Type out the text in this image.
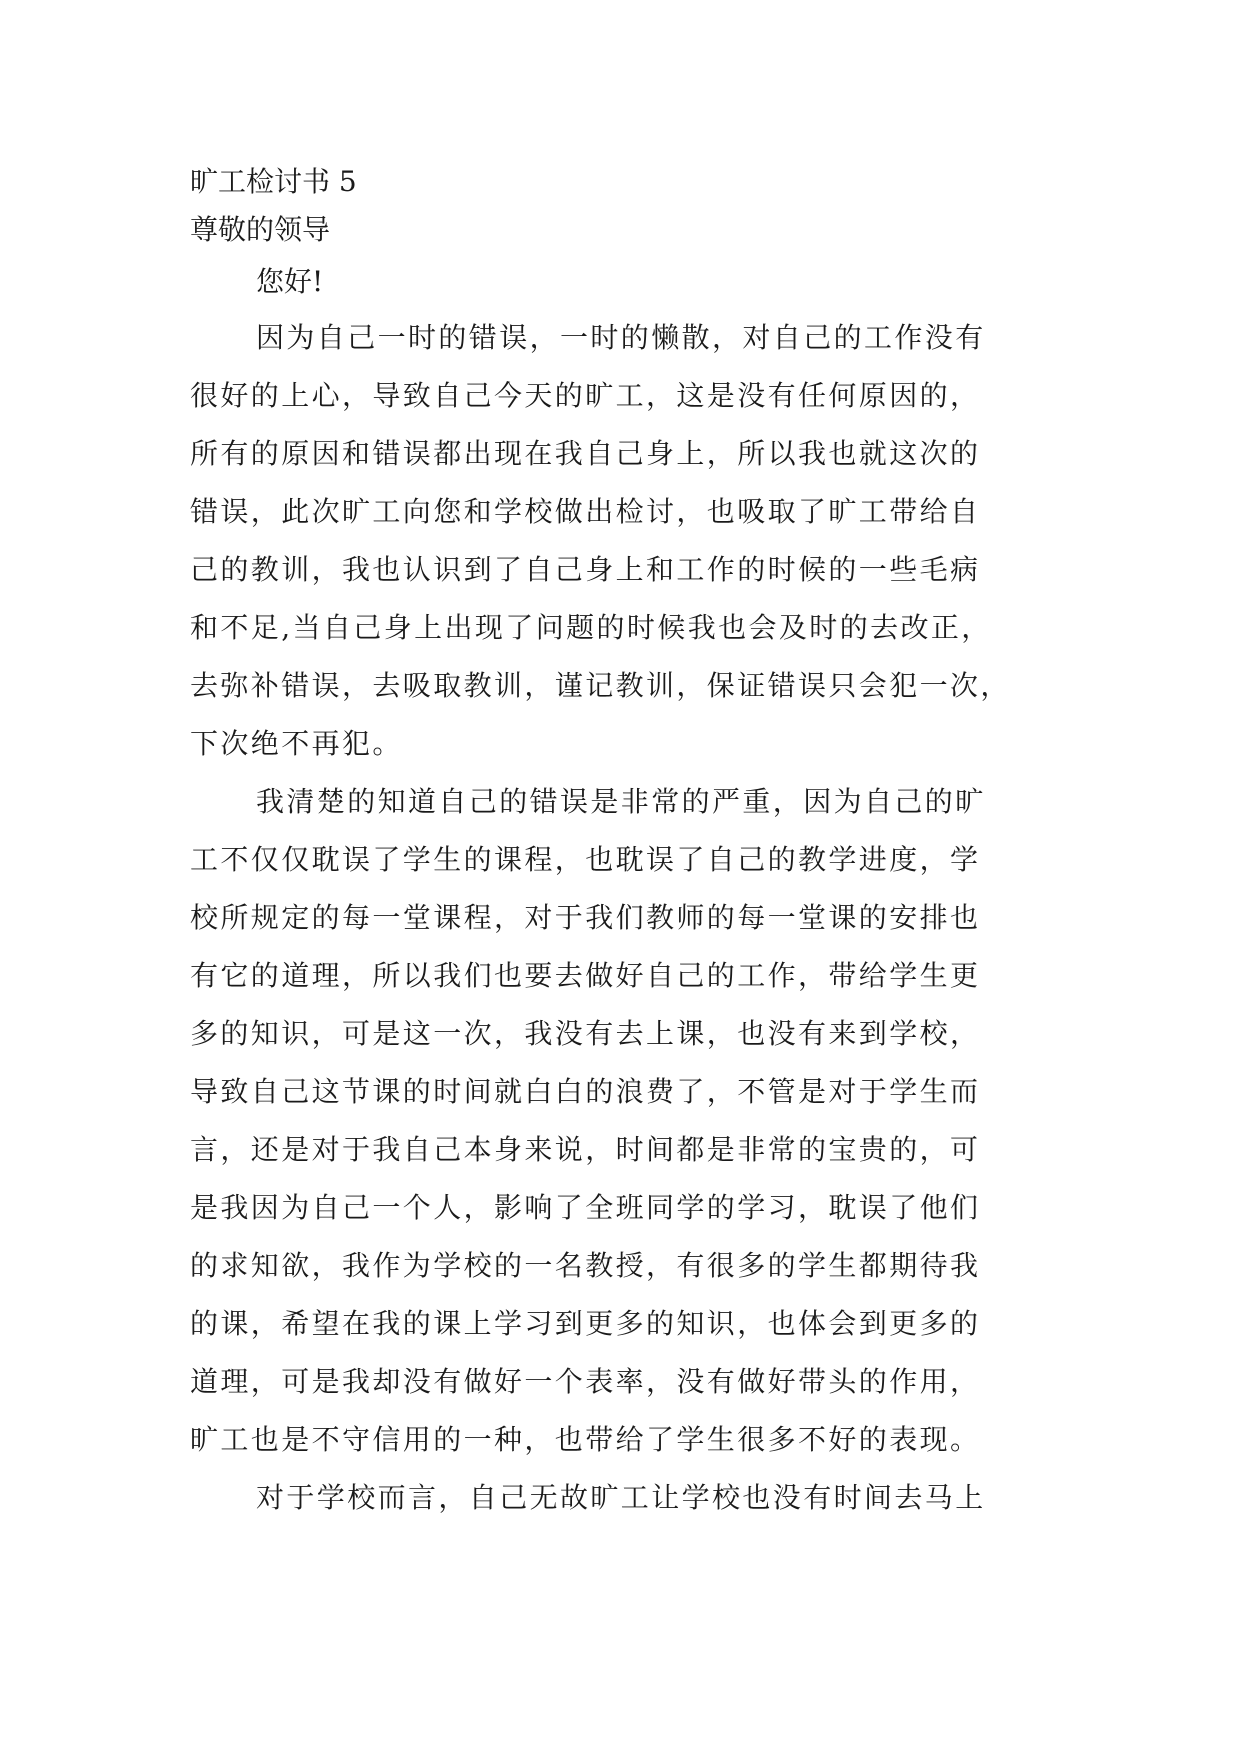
旷工检讨书 5

尊敬的领导

您好!

因为自己一时的错误，一时的懒散，对自己的工作没有
很好的上心，导致自己今天的旷工，这是没有任何原因的，
所有的原因和错误都出现在我自己身上，所以我也就这次的
错误，此次旷工向您和学校做出检讨，也吸取了旷工带给自
己的教训，我也认识到了自己身上和工作的时候的一些毛病
和不足,当自己身上出现了问题的时候我也会及时的去改正，
去弥补错误，去吸取教训，谨记教训，保证错误只会犯一次，
下次绝不再犯。
我清楚的知道自己的错误是非常的严重，因为自己的旷
工不仅仅耽误了学生的课程，也耽误了自己的教学进度，学
校所规定的每一堂课程，对于我们教师的每一堂课的安排也
有它的道理，所以我们也要去做好自己的工作，带给学生更
多的知识，可是这一次，我没有去上课，也没有来到学校，
导致自己这节课的时间就白白的浪费了，不管是对于学生而
言，还是对于我自己本身来说，时间都是非常的宝贵的，可
是我因为自己一个人，影响了全班同学的学习，耽误了他们
的求知欲，我作为学校的一名教授，有很多的学生都期待我
的课，希望在我的课上学习到更多的知识，也体会到更多的
道理，可是我却没有做好一个表率，没有做好带头的作用，
旷工也是不守信用的一种，也带给了学生很多不好的表现。
对于学校而言，自己无故旷工让学校也没有时间去马上
